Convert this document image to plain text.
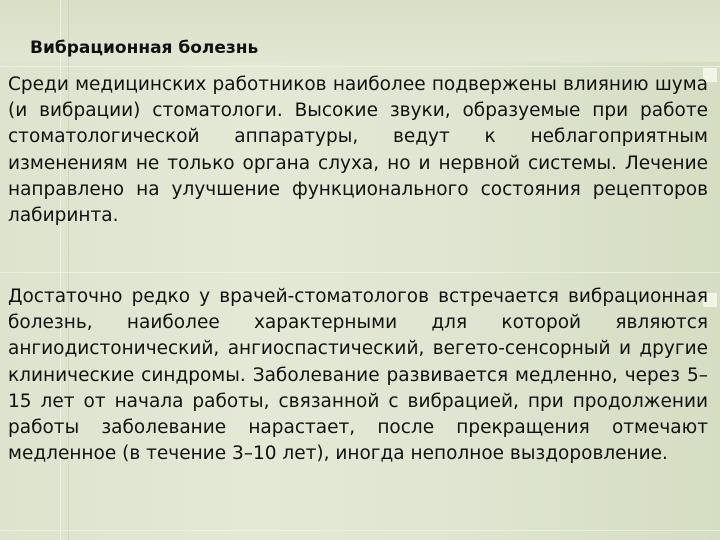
Вибрационная болезнь

Среди медицинских работников наиболее подвержены влиянию шума (и вибрации) стоматологи. Высокие звуки, образуемые при работе стоматологической аппаратуры, ведут к неблагоприятным изменениям не только органа слуха, но и нервной системы. Лечение направлено на улучшение функционального состояния рецепторов лабиринта.

Достаточно редко у врачей-стоматологов встречается вибрационная болезнь, наиболее характерными для которой являются ангиодистонический, ангиоспастический, вегето-сенсорный и другие клинические синдромы. Заболевание развивается медленно, через 5–15 лет от начала работы, связанной с вибрацией, при продолжении работы заболевание нарастает, после прекращения отмечают медленное (в течение 3–10 лет), иногда неполное выздоровление.
